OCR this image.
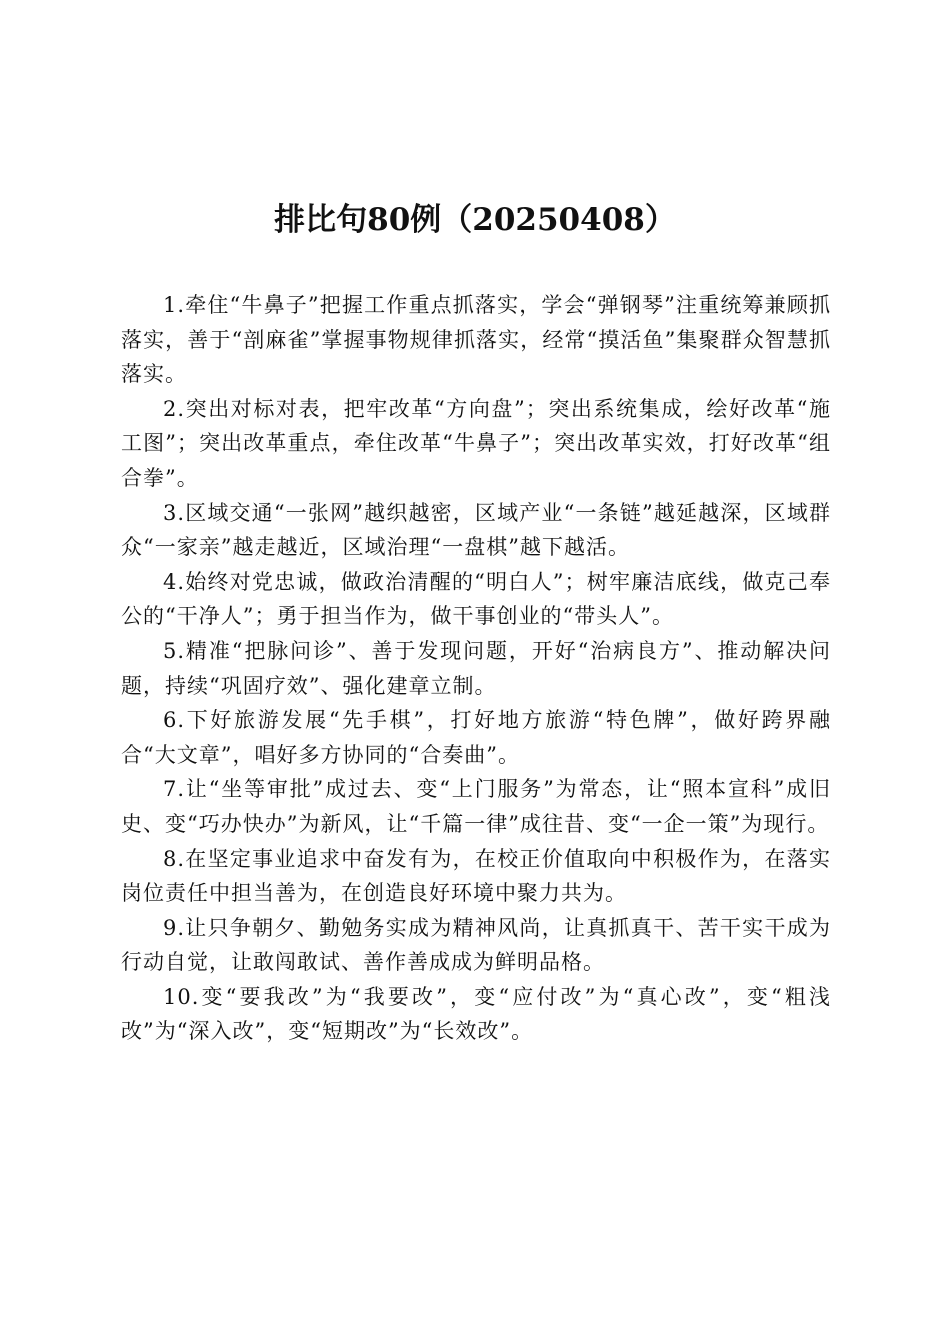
排比句80例（20250408）

1.牵住“牛鼻子”把握工作重点抓落实，学会“弹钢琴”注重统筹兼顾抓落实，善于“剖麻雀”掌握事物规律抓落实，经常“摸活鱼”集聚群众智慧抓落实。

2.突出对标对表，把牢改革“方向盘”；突出系统集成，绘好改革“施工图”；突出改革重点，牵住改革“牛鼻子”；突出改革实效，打好改革“组合拳”。

3.区域交通“一张网”越织越密，区域产业“一条链”越延越深，区域群众“一家亲”越走越近，区域治理“一盘棋”越下越活。

4.始终对党忠诚，做政治清醒的“明白人”；树牢廉洁底线，做克己奉公的“干净人”；勇于担当作为，做干事创业的“带头人”。

5.精准“把脉问诊”、善于发现问题，开好“治病良方”、推动解决问题，持续“巩固疗效”、强化建章立制。

6.下好旅游发展“先手棋”，打好地方旅游“特色牌”，做好跨界融合“大文章”，唱好多方协同的“合奏曲”。

7.让“坐等审批”成过去、变“上门服务”为常态，让“照本宣科”成旧史、变“巧办快办”为新风，让“千篇一律”成往昔、变“一企一策”为现行。

8.在坚定事业追求中奋发有为，在校正价值取向中积极作为，在落实岗位责任中担当善为，在创造良好环境中聚力共为。

9.让只争朝夕、勤勉务实成为精神风尚，让真抓真干、苦干实干成为行动自觉，让敢闯敢试、善作善成成为鲜明品格。

10.变“要我改”为“我要改”，变“应付改”为“真心改”，变“粗浅改”为“深入改”，变“短期改”为“长效改”。
